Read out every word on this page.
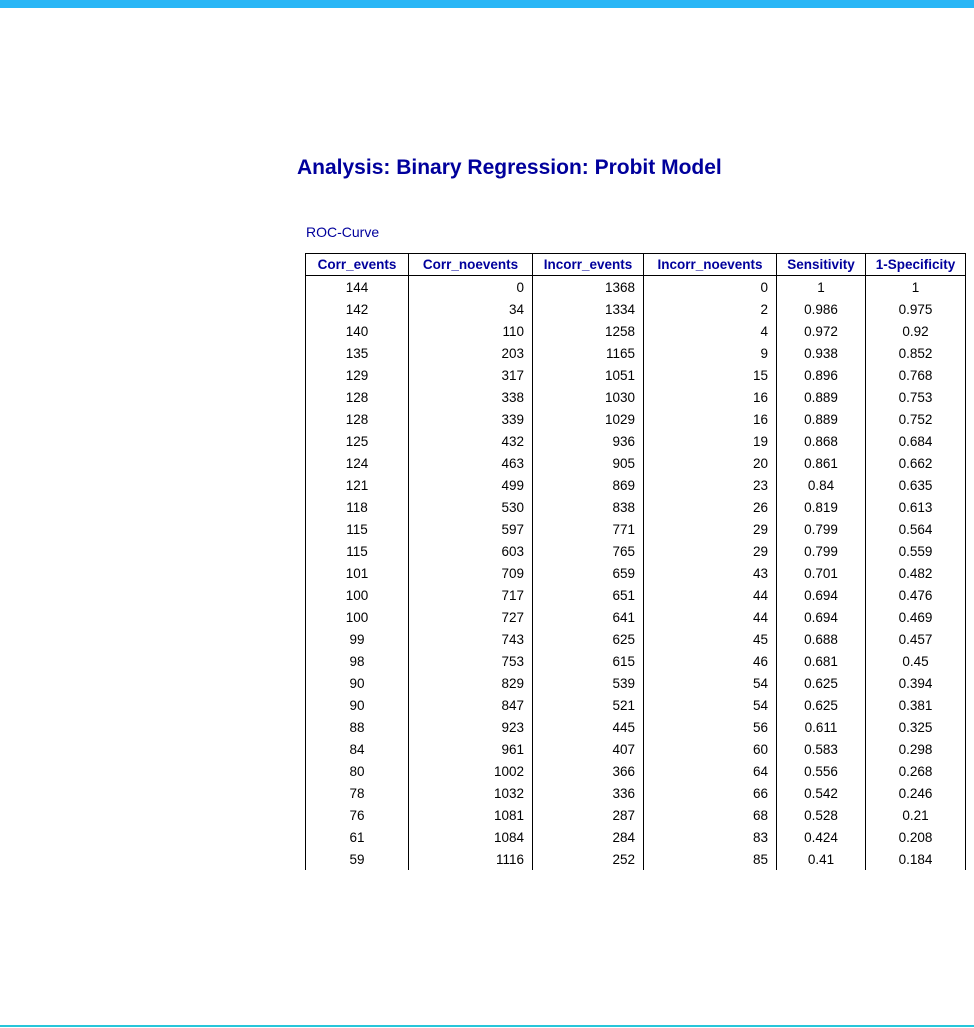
Analysis: Binary Regression: Probit Model
ROC-Curve
Corr_events	Corr_noevents	Incorr_events	Incorr_noevents	Sensitivity	1-Specificity
144	0	1368	0	1	1
142	34	1334	2	0.986	0.975
140	110	1258	4	0.972	0.92
135	203	1165	9	0.938	0.852
129	317	1051	15	0.896	0.768
128	338	1030	16	0.889	0.753
128	339	1029	16	0.889	0.752
125	432	936	19	0.868	0.684
124	463	905	20	0.861	0.662
121	499	869	23	0.84	0.635
118	530	838	26	0.819	0.613
115	597	771	29	0.799	0.564
115	603	765	29	0.799	0.559
101	709	659	43	0.701	0.482
100	717	651	44	0.694	0.476
100	727	641	44	0.694	0.469
99	743	625	45	0.688	0.457
98	753	615	46	0.681	0.45
90	829	539	54	0.625	0.394
90	847	521	54	0.625	0.381
88	923	445	56	0.611	0.325
84	961	407	60	0.583	0.298
80	1002	366	64	0.556	0.268
78	1032	336	66	0.542	0.246
76	1081	287	68	0.528	0.21
61	1084	284	83	0.424	0.208
59	1116	252	85	0.41	0.184
